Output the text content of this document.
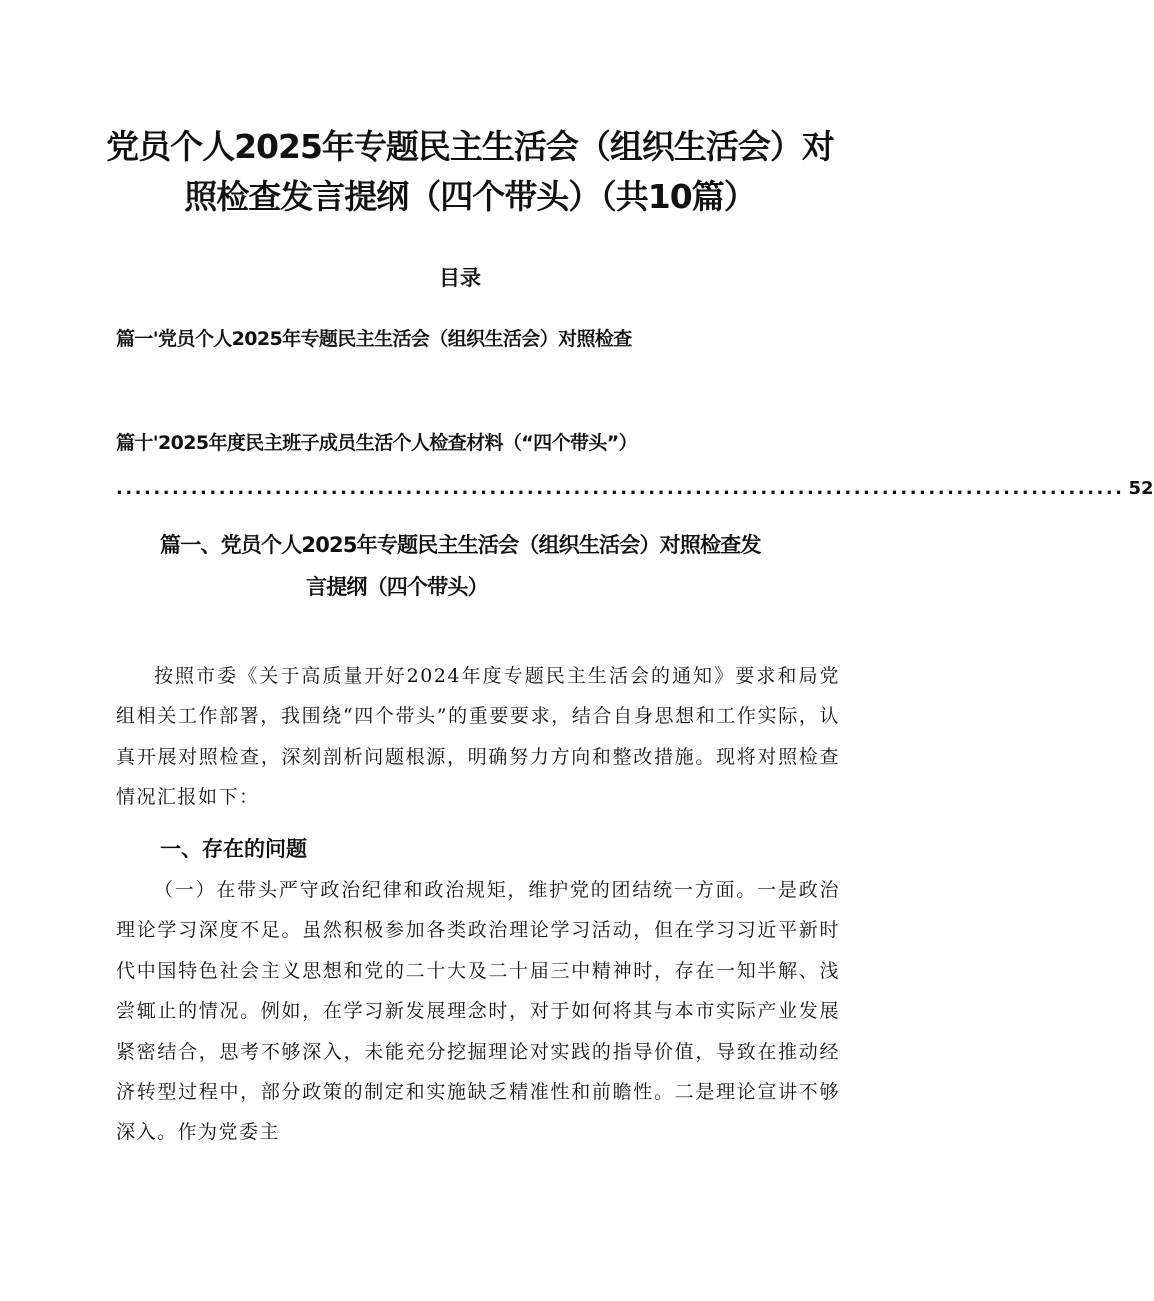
党员个人2025年专题民主生活会（组织生活会）对照检查发言提纲（四个带头）（共10篇）
目录
篇一'党员个人2025年专题民主生活会（组织生活会）对照检查
篇十'2025年度民主班子成员生活个人检查材料（“四个带头”）
............................................................................................................ 52
篇一、党员个人2025年专题民主生活会（组织生活会）对照检查发
言提纲（四个带头）
按照市委《关于高质量开好2024年度专题民主生活会的通知》要求和局党组相关工作部署，我围绕“四个带头”的重要要求，结合自身思想和工作实际，认真开展对照检查，深刻剖析问题根源，明确努力方向和整改措施。现将对照检查情况汇报如下：
一、存在的问题
（一）在带头严守政治纪律和政治规矩，维护党的团结统一方面。一是政治理论学习深度不足。虽然积极参加各类政治理论学习活动，但在学习习近平新时代中国特色社会主义思想和党的二十大及二十届三中精神时，存在一知半解、浅尝辄止的情况。例如，在学习新发展理念时，对于如何将其与本市实际产业发展紧密结合，思考不够深入，未能充分挖掘理论对实践的指导价值，导致在推动经济转型过程中，部分政策的制定和实施缺乏精准性和前瞻性。二是理论宣讲不够深入。作为党委主
